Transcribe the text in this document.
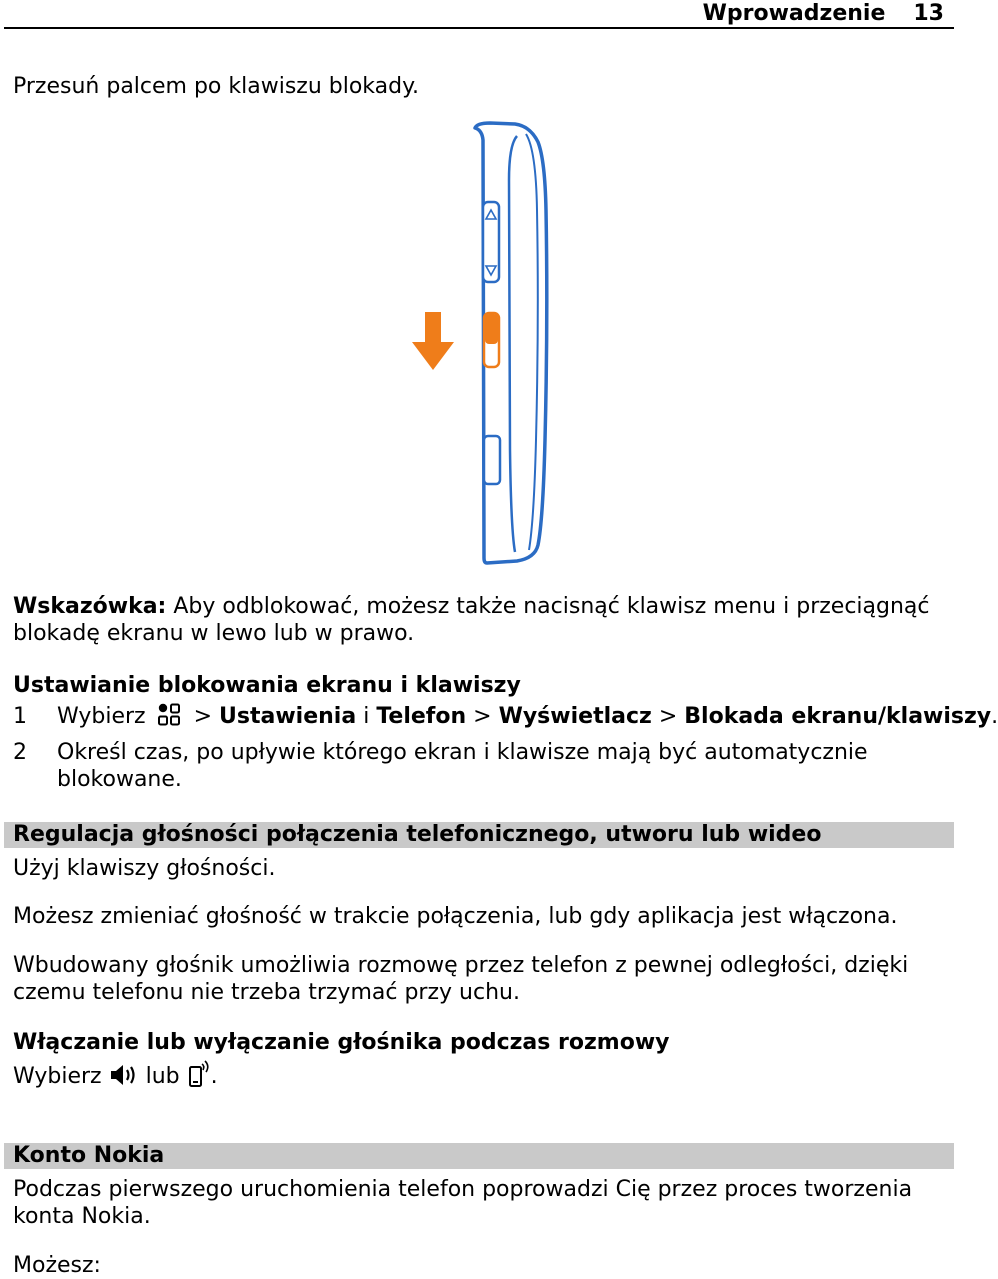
Wprowadzenie 13
Przesuń palcem po klawiszu blokady.
Wskazówka: Aby odblokować, możesz także nacisnąć klawisz menu i przeciągnąć
blokadę ekranu w lewo lub w prawo.
Ustawianie blokowania ekranu i klawiszy
1	Wybierz > Ustawienia i Telefon > Wyświetlacz > Blokada ekranu/klawiszy.
2	Określ czas, po upływie którego ekran i klawisze mają być automatycznie
blokowane.
Regulacja głośności połączenia telefonicznego, utworu lub wideo
Użyj klawiszy głośności.
Możesz zmieniać głośność w trakcie połączenia, lub gdy aplikacja jest włączona.
Wbudowany głośnik umożliwia rozmowę przez telefon z pewnej odległości, dzięki
czemu telefonu nie trzeba trzymać przy uchu.
Włączanie lub wyłączanie głośnika podczas rozmowy
Wybierz lub .
Konto Nokia
Podczas pierwszego uruchomienia telefon poprowadzi Cię przez proces tworzenia
konta Nokia.
Możesz:
